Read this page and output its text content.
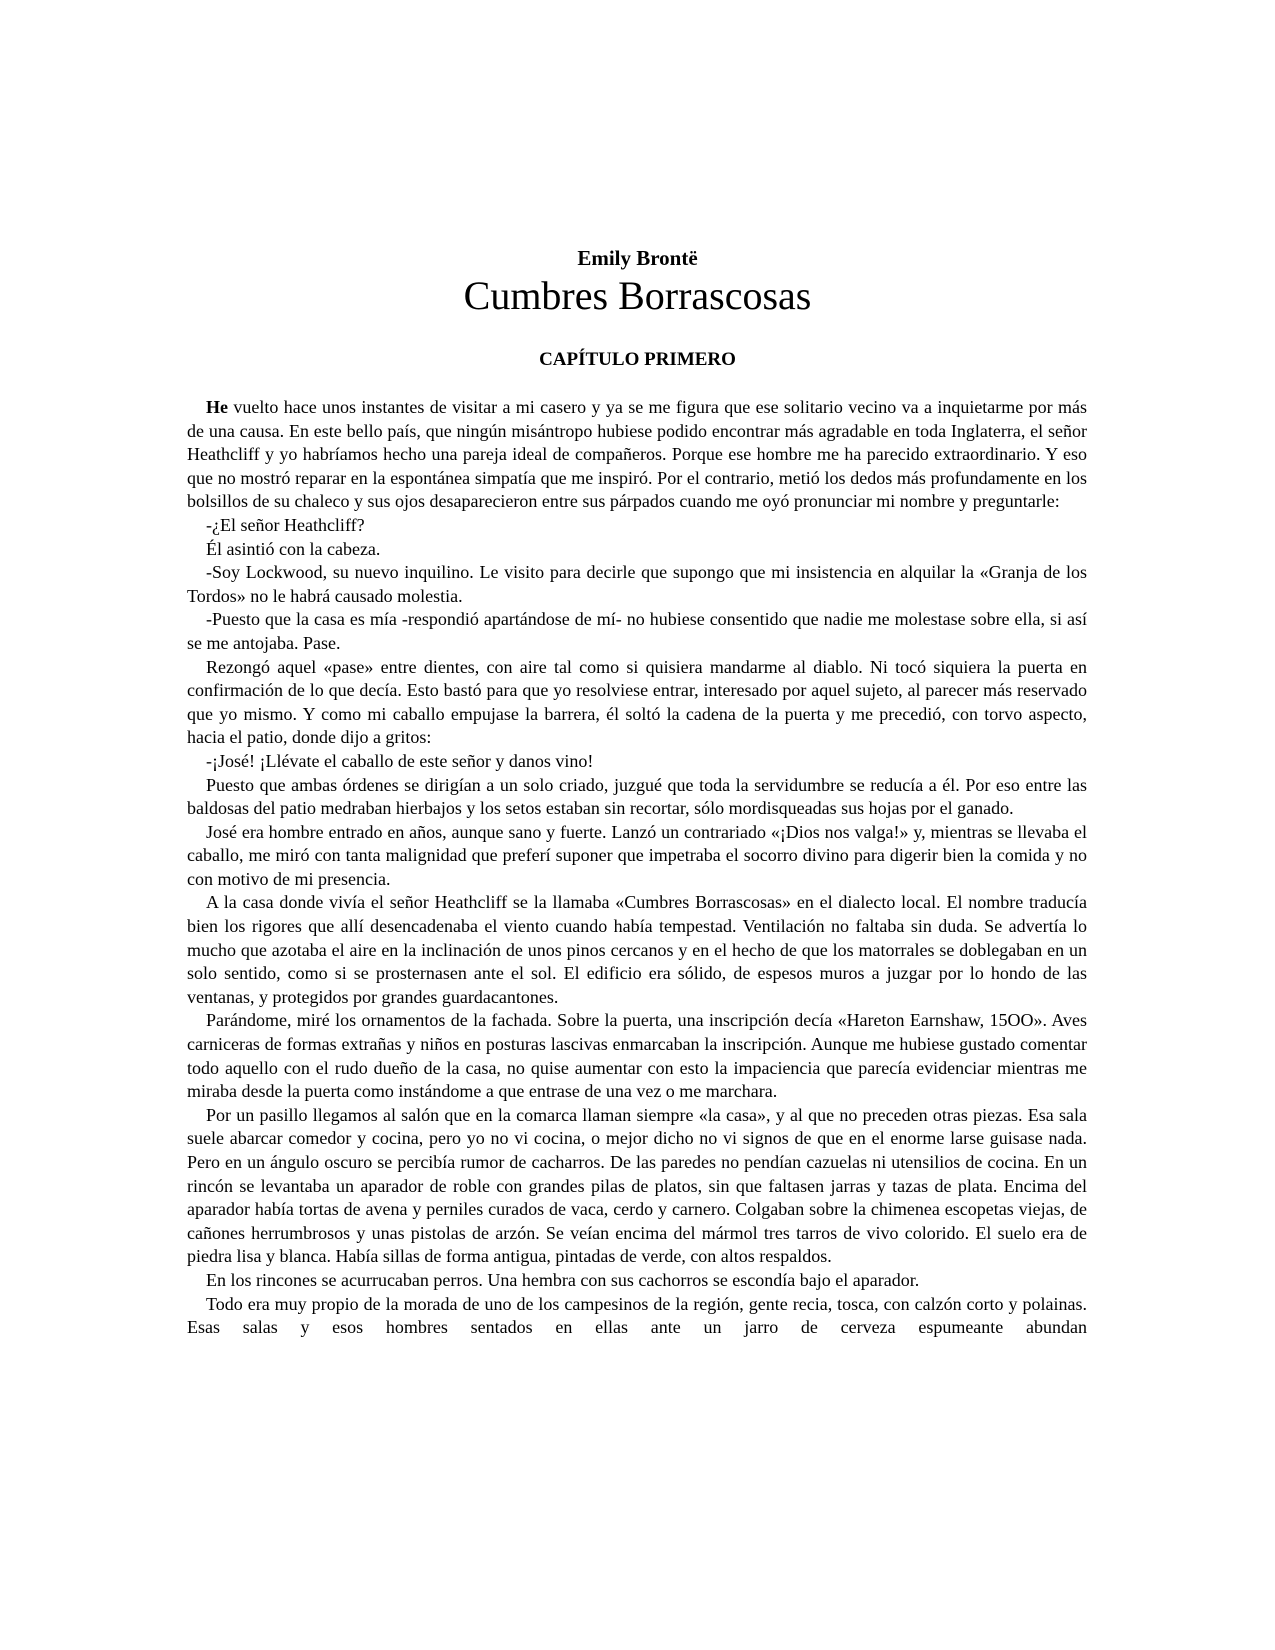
Emily Brontë
Cumbres Borrascosas
CAPÍTULO PRIMERO

He vuelto hace unos instantes de visitar a mi casero y ya se me figura que ese solitario vecino va a inquietarme por más de una causa. En este bello país, que ningún misántropo hubiese podido encontrar más agradable en toda Inglaterra, el señor Heathcliff y yo habríamos hecho una pareja ideal de compañeros. Porque ese hombre me ha parecido extraordinario. Y eso que no mostró reparar en la espontánea simpatía que me inspiró. Por el contrario, metió los dedos más profundamente en los bolsillos de su chaleco y sus ojos desaparecieron entre sus párpados cuando me oyó pronunciar mi nombre y preguntarle:

-¿El señor Heathcliff?

Él asintió con la cabeza.

-Soy Lockwood, su nuevo inquilino. Le visito para decirle que supongo que mi insistencia en alquilar la «Granja de los Tordos» no le habrá causado molestia.

-Puesto que la casa es mía -respondió apartándose de mí- no hubiese consentido que nadie me molestase sobre ella, si así se me antojaba. Pase.

Rezongó aquel «pase» entre dientes, con aire tal como si quisiera mandarme al diablo. Ni tocó siquiera la puerta en confirmación de lo que decía. Esto bastó para que yo resolviese entrar, interesado por aquel sujeto, al parecer más reservado que yo mismo. Y como mi caballo empujase la barrera, él soltó la cadena de la puerta y me precedió, con torvo aspecto, hacia el patio, donde dijo a gritos:

-¡José! ¡Llévate el caballo de este señor y danos vino!

Puesto que ambas órdenes se dirigían a un solo criado, juzgué que toda la servidumbre se reducía a él. Por eso entre las baldosas del patio medraban hierbajos y los setos estaban sin recortar, sólo mordisqueadas sus hojas por el ganado.

José era hombre entrado en años, aunque sano y fuerte. Lanzó un contrariado «¡Dios nos valga!» y, mientras se llevaba el caballo, me miró con tanta malignidad que preferí suponer que impetraba el socorro divino para digerir bien la comida y no con motivo de mi presencia.

A la casa donde vivía el señor Heathcliff se la llamaba «Cumbres Borrascosas» en el dialecto local. El nombre traducía bien los rigores que allí desencadenaba el viento cuando había tempestad. Ventilación no faltaba sin duda. Se advertía lo mucho que azotaba el aire en la inclinación de unos pinos cercanos y en el hecho de que los matorrales se doblegaban en un solo sentido, como si se prosternasen ante el sol. El edificio era sólido, de espesos muros a juzgar por lo hondo de las ventanas, y protegidos por grandes guardacantones.

Parándome, miré los ornamentos de la fachada. Sobre la puerta, una inscripción decía «Hareton Earnshaw, 15OO». Aves carniceras de formas extrañas y niños en posturas lascivas enmarcaban la inscripción. Aunque me hubiese gustado comentar todo aquello con el rudo dueño de la casa, no quise aumentar con esto la impaciencia que parecía evidenciar mientras me miraba desde la puerta como instándome a que entrase de una vez o me marchara.

Por un pasillo llegamos al salón que en la comarca llaman siempre «la casa», y al que no preceden otras piezas. Esa sala suele abarcar comedor y cocina, pero yo no vi cocina, o mejor dicho no vi signos de que en el enorme larse guisase nada. Pero en un ángulo oscuro se percibía rumor de cacharros. De las paredes no pendían cazuelas ni utensilios de cocina. En un rincón se levantaba un aparador de roble con grandes pilas de platos, sin que faltasen jarras y tazas de plata. Encima del aparador había tortas de avena y perniles curados de vaca, cerdo y carnero. Colgaban sobre la chimenea escopetas viejas, de cañones herrumbrosos y unas pistolas de arzón. Se veían encima del mármol tres tarros de vivo colorido. El suelo era de piedra lisa y blanca. Había sillas de forma antigua, pintadas de verde, con altos respaldos.

En los rincones se acurrucaban perros. Una hembra con sus cachorros se escondía bajo el aparador.

Todo era muy propio de la morada de uno de los campesinos de la región, gente recia, tosca, con calzón corto y polainas. Esas salas y esos hombres sentados en ellas ante un jarro de cerveza espumeante abundan
